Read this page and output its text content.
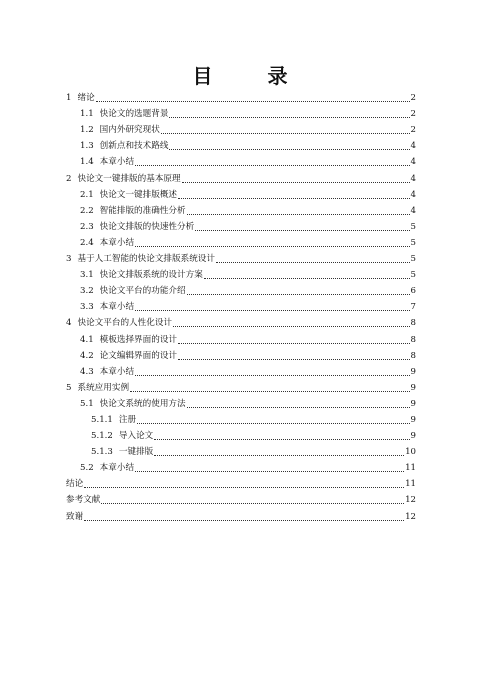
目 录
1 绪论	2
1.1 快论文的选题背景	2
1.2 国内外研究现状	2
1.3 创新点和技术路线	4
1.4 本章小结	4
2 快论文一键排版的基本原理	4
2.1 快论文一键排版概述	4
2.2 智能排版的准确性分析	4
2.3 快论文排版的快速性分析	5
2.4 本章小结	5
3 基于人工智能的快论文排版系统设计	5
3.1 快论文排版系统的设计方案	5
3.2 快论文平台的功能介绍	6
3.3 本章小结	7
4 快论文平台的人性化设计	8
4.1 模板选择界面的设计	8
4.2 论文编辑界面的设计	8
4.3 本章小结	9
5 系统应用实例	9
5.1 快论文系统的使用方法	9
5.1.1 注册	9
5.1.2 导入论文	9
5.1.3 一键排版	10
5.2 本章小结	11
结论	11
参考文献	12
致谢	12
